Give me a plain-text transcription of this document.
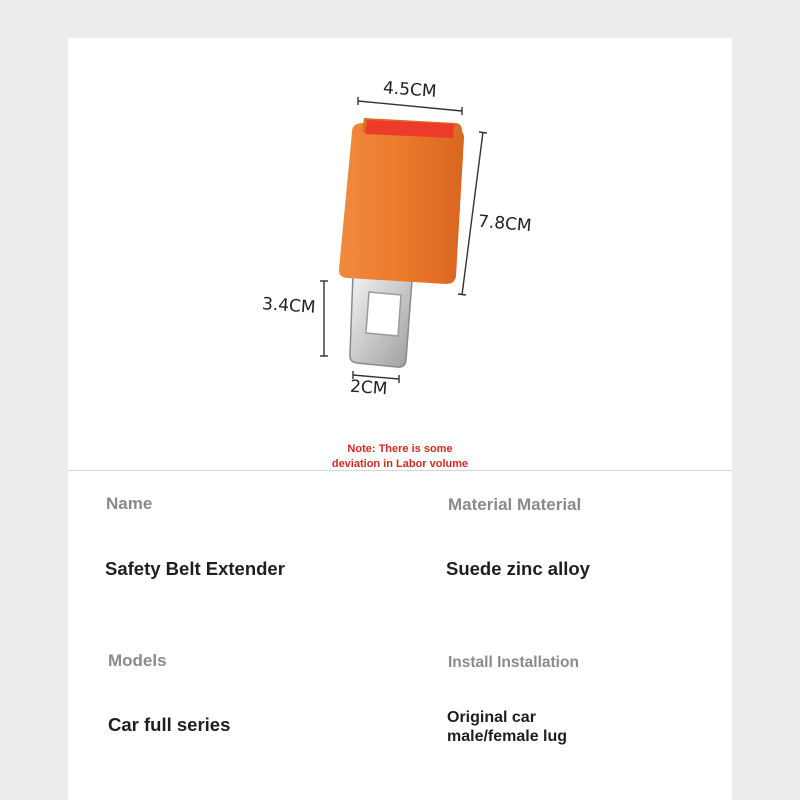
4.5CM
7.8CM
3.4CM
2CM
Note: There is some
deviation in Labor volume
Name	Material Material
Safety Belt Extender	Suede zinc alloy
Models	Install Installation
Car full series	Original car
male/female lug
